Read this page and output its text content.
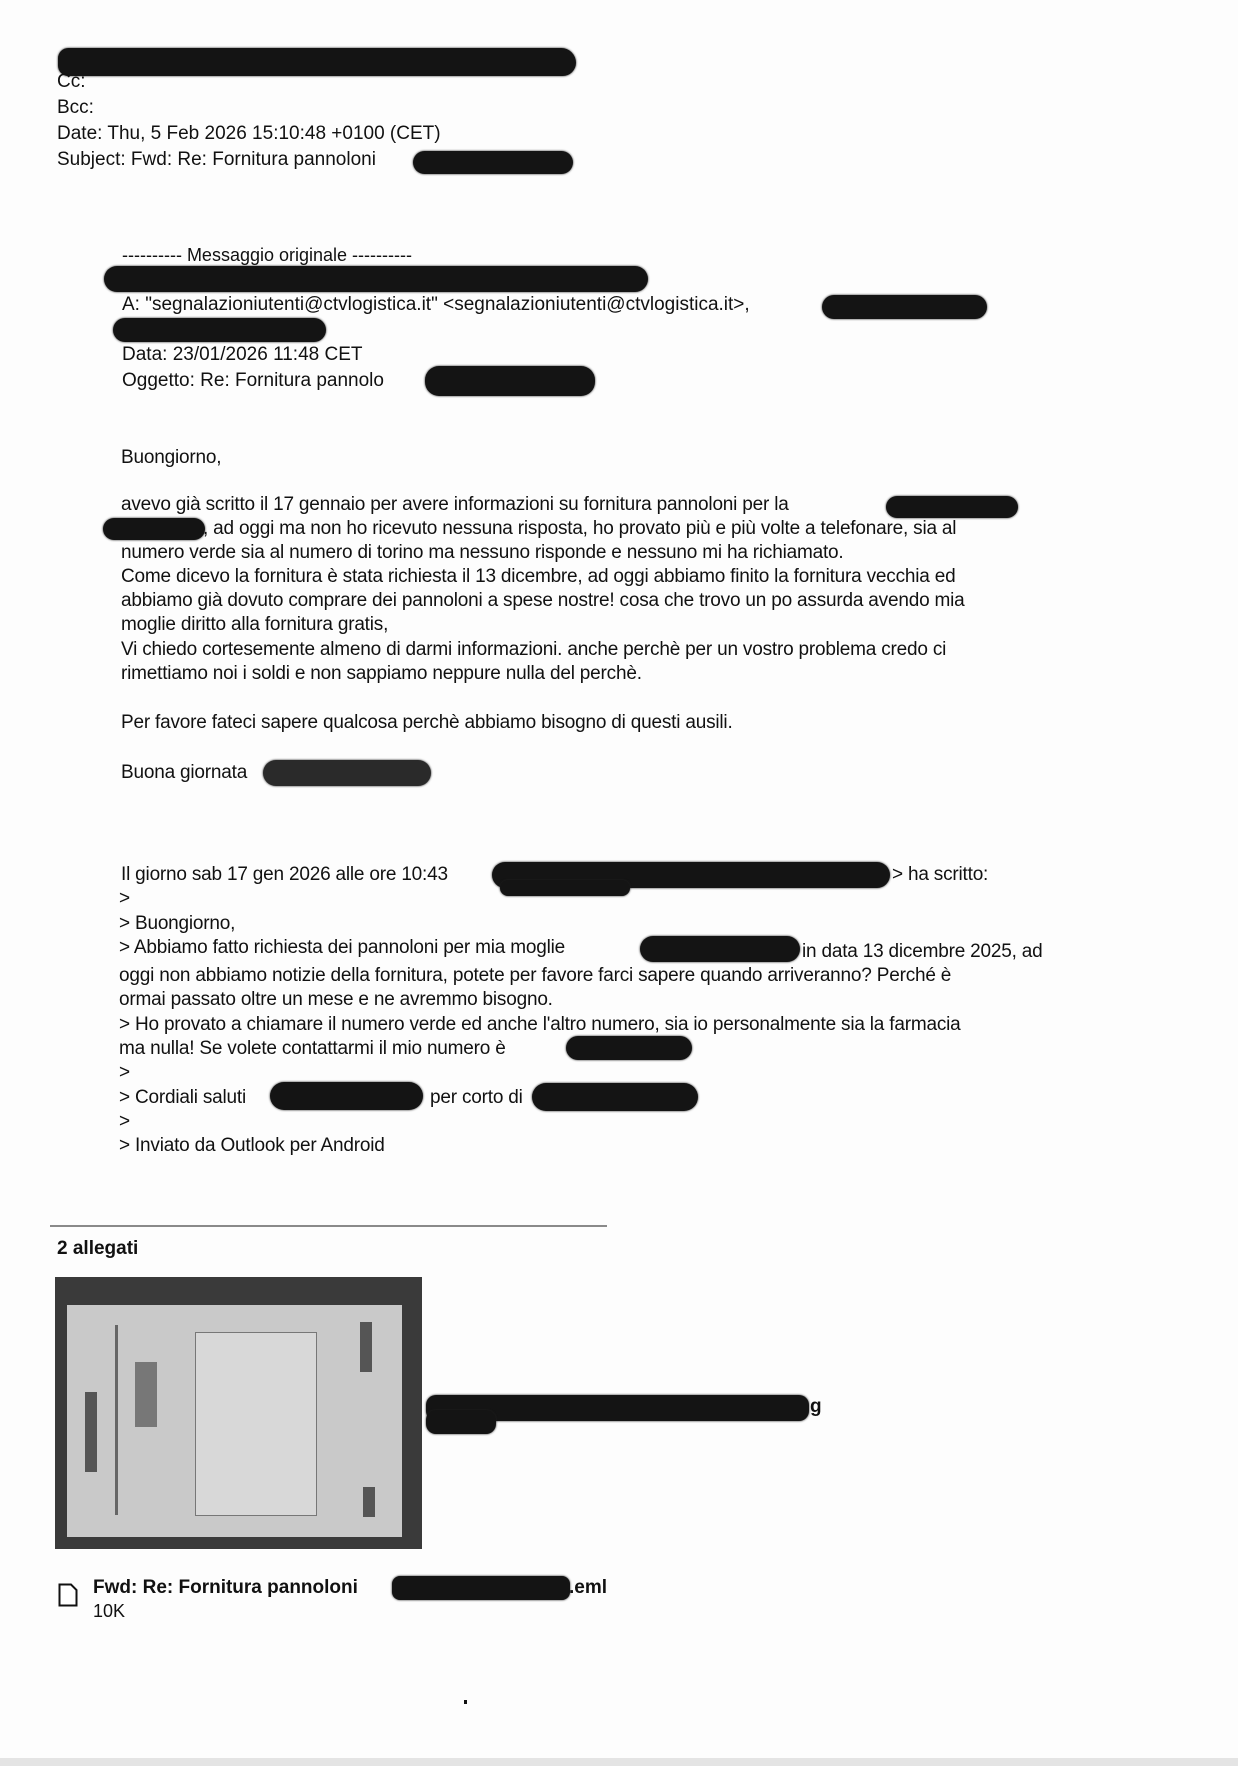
Cc:
Bcc:
Date: Thu, 5 Feb 2026 15:10:48 +0100 (CET)
Subject: Fwd: Re: Fornitura pannoloni
---------- Messaggio originale ----------
A: "segnalazioniutenti@ctvlogistica.it" <segnalazioniutenti@ctvlogistica.it>,
Data: 23/01/2026 11:48 CET
Oggetto: Re: Fornitura pannolo
Buongiorno,
avevo già scritto il 17 gennaio per avere informazioni su fornitura pannoloni per la
, ad oggi ma non ho ricevuto nessuna risposta, ho provato più e più volte a telefonare, sia al
numero verde sia al numero di torino ma nessuno risponde e nessuno mi ha richiamato.
Come dicevo la fornitura è stata richiesta il 13 dicembre, ad oggi abbiamo finito la fornitura vecchia ed
abbiamo già dovuto comprare dei pannoloni a spese nostre! cosa che trovo un po assurda avendo mia
moglie diritto alla fornitura gratis,
Vi chiedo cortesemente almeno di darmi informazioni. anche perchè per un vostro problema credo ci
rimettiamo noi i soldi e non sappiamo neppure nulla del perchè.
Per favore fateci sapere qualcosa perchè abbiamo bisogno di questi ausili.
Buona giornata
Il giorno sab 17 gen 2026 alle ore 10:43	> ha scritto:
>
> Buongiorno,
> Abbiamo fatto richiesta dei pannoloni per mia moglie	in data 13 dicembre 2025, ad
oggi non abbiamo notizie della fornitura, potete per favore farci sapere quando arriveranno? Perché è
ormai passato oltre un mese e ne avremmo bisogno.
> Ho provato a chiamare il numero verde ed anche l'altro numero, sia io personalmente sia la farmacia
ma nulla! Se volete contattarmi il mio numero è
>
> Cordiali saluti	per corto di
>
> Inviato da Outlook per Android
2 allegati
g
Fwd: Re: Fornitura pannoloni	.eml
10K
